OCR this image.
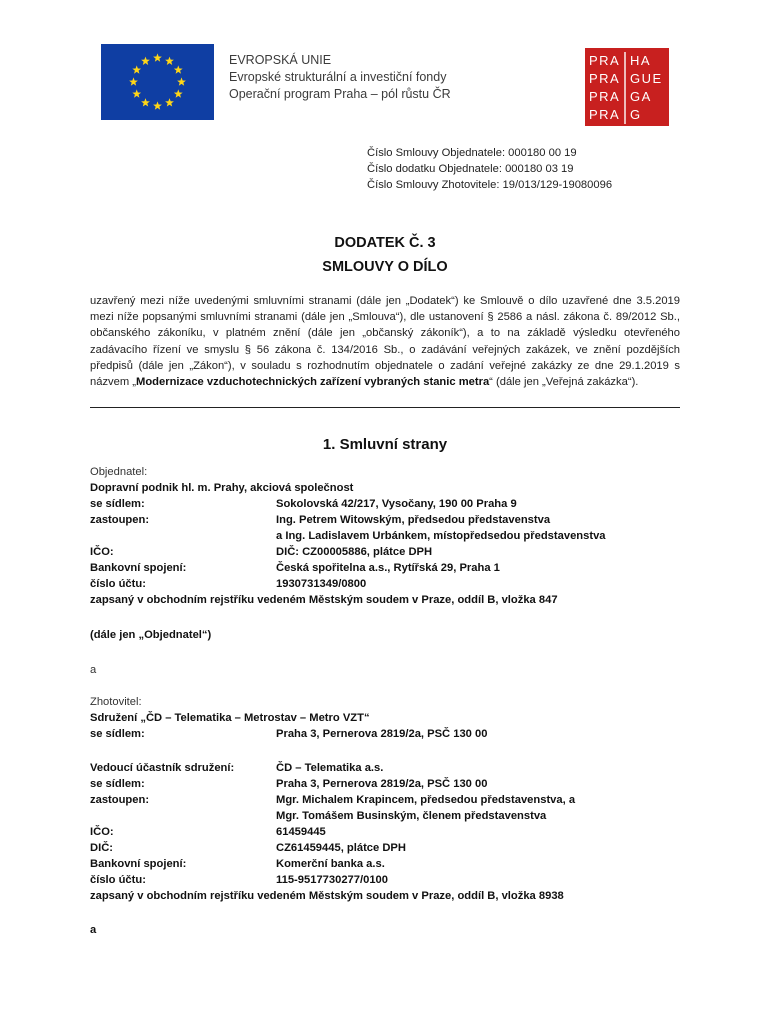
EVROPSKÁ UNIE
Evropské strukturální a investiční fondy
Operační program Praha – pól růstu ČR
PRA HA
PRA GUE
PRA GA
PRA G
Číslo Smlouvy Objednatele: 000180 00 19
Číslo dodatku Objednatele: 000180 03 19
Číslo Smlouvy Zhotovitele: 19/013/129-19080096
DODATEK Č. 3
SMLOUVY O DÍLO
uzavřený mezi níže uvedenými smluvními stranami (dále jen „Dodatek“) ke Smlouvě o dílo uzavřené dne 3.5.2019 mezi níže popsanými smluvními stranami (dále jen „Smlouva“), dle ustanovení § 2586 a násl. zákona č. 89/2012 Sb., občanského zákoníku, v platném znění (dále jen „občanský zákoník“), a to na základě výsledku otevřeného zadávacího řízení ve smyslu § 56 zákona č. 134/2016 Sb., o zadávání veřejných zakázek, ve znění pozdějších předpisů (dále jen „Zákon“), v souladu s rozhodnutím objednatele o zadání veřejné zakázky ze dne 29.1.2019 s názvem „Modernizace vzduchotechnických zařízení vybraných stanic metra“ (dále jen „Veřejná zakázka“).
1. Smluvní strany
Objednatel:
Dopravní podnik hl. m. Prahy, akciová společnost
se sídlem:	Sokolovská 42/217, Vysočany, 190 00 Praha 9
zastoupen:	Ing. Petrem Witowským, předsedou představenstva
a Ing. Ladislavem Urbánkem, místopředsedou představenstva
IČO:	DIČ: CZ00005886, plátce DPH
Bankovní spojení:	Česká spořitelna a.s., Rytířská 29, Praha 1
číslo účtu:	1930731349/0800
zapsaný v obchodním rejstříku vedeném Městským soudem v Praze, oddíl B, vložka 847
(dále jen „Objednatel“)
a
Zhotovitel:
Sdružení „ČD – Telematika – Metrostav – Metro VZT“
se sídlem:	Praha 3, Pernerova 2819/2a, PSČ 130 00
Vedoucí účastník sdružení:	ČD – Telematika a.s.
se sídlem:	Praha 3, Pernerova 2819/2a, PSČ 130 00
zastoupen:	Mgr. Michalem Krapincem, předsedou představenstva, a
Mgr. Tomášem Businským, členem představenstva
IČO:	61459445
DIČ:	CZ61459445, plátce DPH
Bankovní spojení:	Komerční banka a.s.
číslo účtu:	115-9517730277/0100
zapsaný v obchodním rejstříku vedeném Městským soudem v Praze, oddíl B, vložka 8938
a
